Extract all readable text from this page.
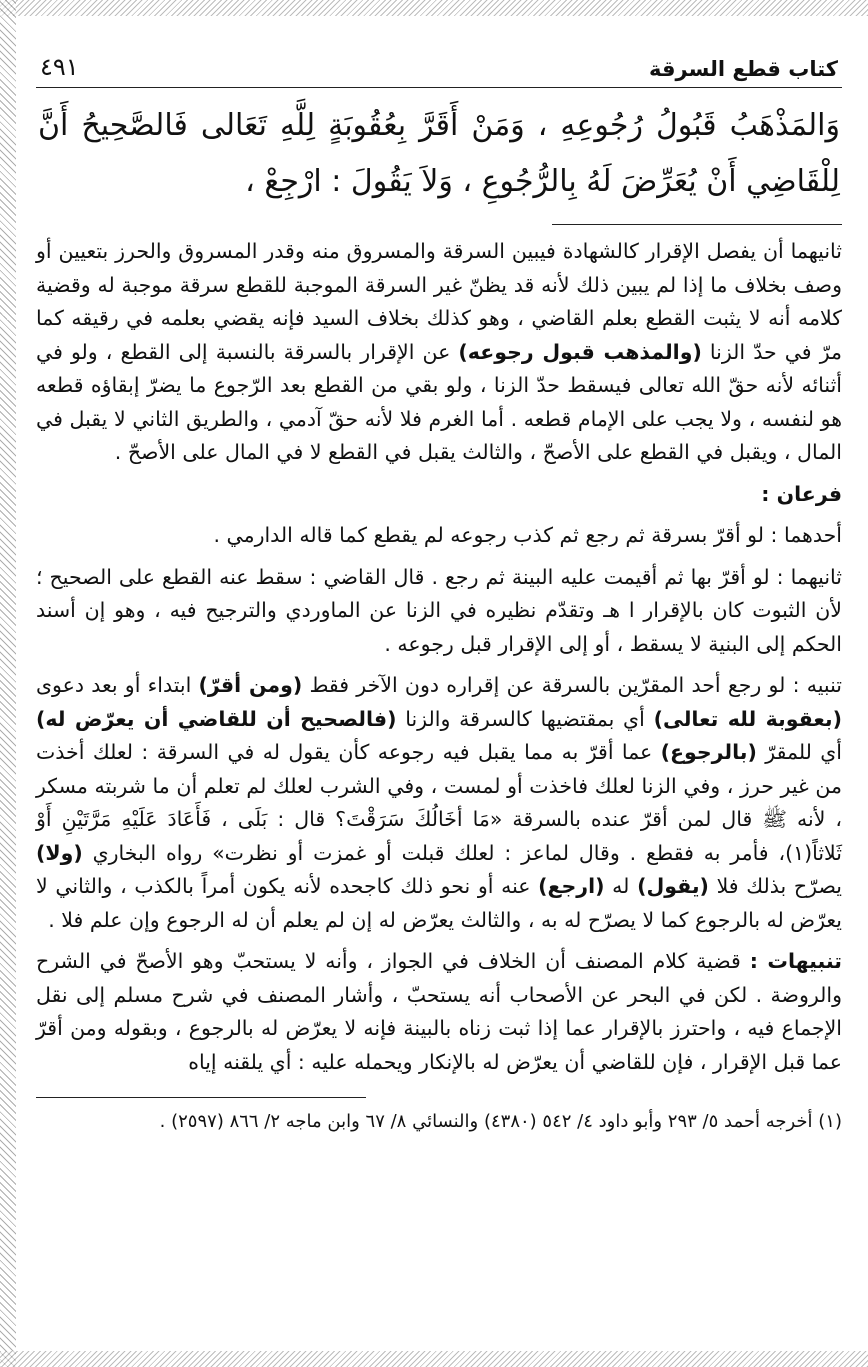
كتاب قطع السرقة
٤٩١
وَالمَذْهَبُ قَبُولُ رُجُوعِهِ ، وَمَنْ أَقَرَّ بِعُقُوبَةٍ لِلَّهِ تَعَالى فَالصَّحِيحُ أَنَّ لِلْقَاضِي أَنْ يُعَرِّضَ لَهُ بِالرُّجُوعِ ، وَلاَ يَقُولَ : ارْجِعْ ،

ثانيهما أن يفصل الإقرار كالشهادة فيبين السرقة والمسروق منه وقدر المسروق والحرز بتعيين أو وصف بخلاف ما إذا لم يبين ذلك لأنه قد يظنّ غير السرقة الموجبة للقطع سرقة موجبة له وقضية كلامه أنه لا يثبت القطع بعلم القاضي ، وهو كذلك بخلاف السيد فإنه يقضي بعلمه في رقيقه كما مرّ في حدّ الزنا (والمذهب قبول رجوعه) عن الإقرار بالسرقة بالنسبة إلى القطع ، ولو في أثنائه لأنه حقّ الله تعالى فيسقط حدّ الزنا ، ولو بقي من القطع بعد الرّجوع ما يضرّ إبقاؤه قطعه هو لنفسه ، ولا يجب على الإمام قطعه . أما الغرم فلا لأنه حقّ آدمي ، والطريق الثاني لا يقبل في المال ، ويقبل في القطع على الأصحّ ، والثالث يقبل في القطع لا في المال على الأصحّ .

فرعان :

أحدهما : لو أقرّ بسرقة ثم رجع ثم كذب رجوعه لم يقطع كما قاله الدارمي .

ثانيهما : لو أقرّ بها ثم أقيمت عليه البينة ثم رجع . قال القاضي : سقط عنه القطع على الصحيح ؛ لأن الثبوت كان بالإقرار ا هـ وتقدّم نظيره في الزنا عن الماوردي والترجيح فيه ، وهو إن أسند الحكم إلى البنية لا يسقط ، أو إلى الإقرار قبل رجوعه .

تنبيه : لو رجع أحد المقرّين بالسرقة عن إقراره دون الآخر فقط (ومن أقرّ) ابتداء أو بعد دعوى (بعقوبة لله تعالى) أي بمقتضيها كالسرقة والزنا (فالصحيح أن للقاضي أن يعرّض له) أي للمقرّ (بالرجوع) عما أقرّ به مما يقبل فيه رجوعه كأن يقول له في السرقة : لعلك أخذت من غير حرز ، وفي الزنا لعلك فاخذت أو لمست ، وفي الشرب لعلك لم تعلم أن ما شربته مسكر ، لأنه ﷺ قال لمن أقرّ عنده بالسرقة «مَا أخَالُكَ سَرَقْتَ؟ قال : بَلَى ، فَأَعَادَ عَلَيْهِ مَرَّتَيْنِ أَوْ ثَلاثاً(١)، فأمر به فقطع . وقال لماعز : لعلك قبلت أو غمزت أو نظرت» رواه البخاري (ولا) يصرّح بذلك فلا (يقول) له (ارجع) عنه أو نحو ذلك كاجحده لأنه يكون أمراً بالكذب ، والثاني لا يعرّض له بالرجوع كما لا يصرّح له به ، والثالث يعرّض له إن لم يعلم أن له الرجوع وإن علم فلا .

تنبيهات : قضية كلام المصنف أن الخلاف في الجواز ، وأنه لا يستحبّ وهو الأصحّ في الشرح والروضة . لكن في البحر عن الأصحاب أنه يستحبّ ، وأشار المصنف في شرح مسلم إلى نقل الإجماع فيه ، واحترز بالإقرار عما إذا ثبت زناه بالبينة فإنه لا يعرّض له بالرجوع ، وبقوله ومن أقرّ عما قبل الإقرار ، فإن للقاضي أن يعرّض له بالإنكار ويحمله عليه : أي يلقنه إياه

(١) أخرجه أحمد ٥/ ٢٩٣ وأبو داود ٤/ ٥٤٢ (٤٣٨٠) والنسائي ٨/ ٦٧ وابن ماجه ٢/ ٨٦٦ (٢٥٩٧) .
